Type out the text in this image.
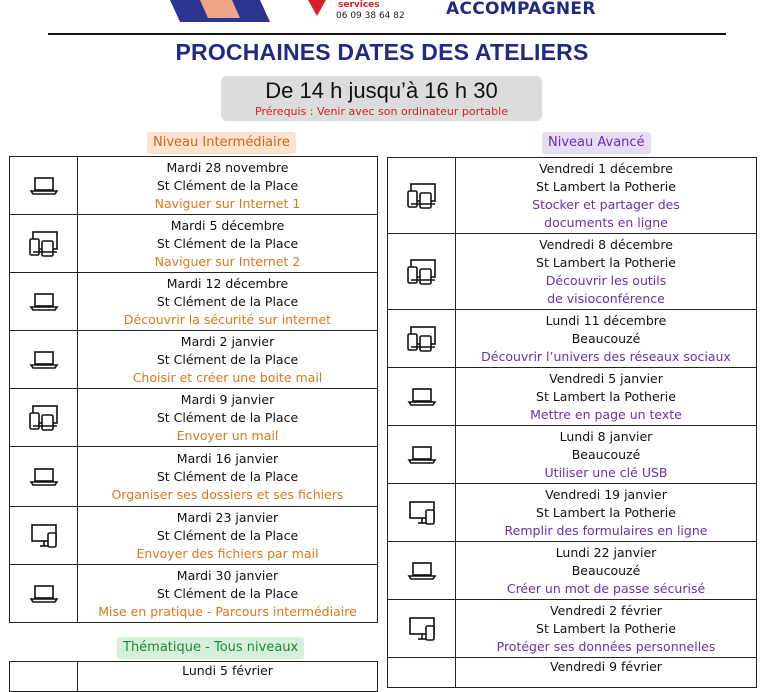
services
06 09 38 64 82 ACCOMPAGNER
PROCHAINES DATES DES ATELIERS
De 14 h jusqu’à 16 h 30
Prérequis : Venir avec son ordinateur portable
Niveau Intermédiaire	Niveau Avancé
Thématique - Tous niveaux

Mardi 28 novembre
St Clément de la Place
Naviguer sur Internet 1

Mardi 5 décembre
St Clément de la Place
Naviguer sur Internet 2

Mardi 12 décembre
St Clément de la Place
Découvrir la sécurité sur internet

Mardi 2 janvier
St Clément de la Place
Choisir et créer une boite mail

Mardi 9 janvier
St Clément de la Place
Envoyer un mail

Mardi 16 janvier
St Clément de la Place
Organiser ses dossiers et ses fichiers

Mardi 23 janvier
St Clément de la Place
Envoyer des fichiers par mail

Mardi 30 janvier
St Clément de la Place
Mise en pratique - Parcours intermédiaire

Lundi 5 février

Vendredi 1 décembre
St Lambert la Potherie
Stocker et partager des
documents en ligne

Vendredi 8 décembre
St Lambert la Potherie
Découvrir les outils
de visioconférence

Lundi 11 décembre
Beaucouzé
Découvrir l’univers des réseaux sociaux

Vendredi 5 janvier
St Lambert la Potherie
Mettre en page un texte

Lundi 8 janvier
Beaucouzé
Utiliser une clé USB

Vendredi 19 janvier
St Lambert la Potherie
Remplir des formulaires en ligne

Lundi 22 janvier
Beaucouzé
Créer un mot de passe sécurisé

Vendredi 2 février
St Lambert la Potherie
Protéger ses données personnelles

	Vendredi 9 février
